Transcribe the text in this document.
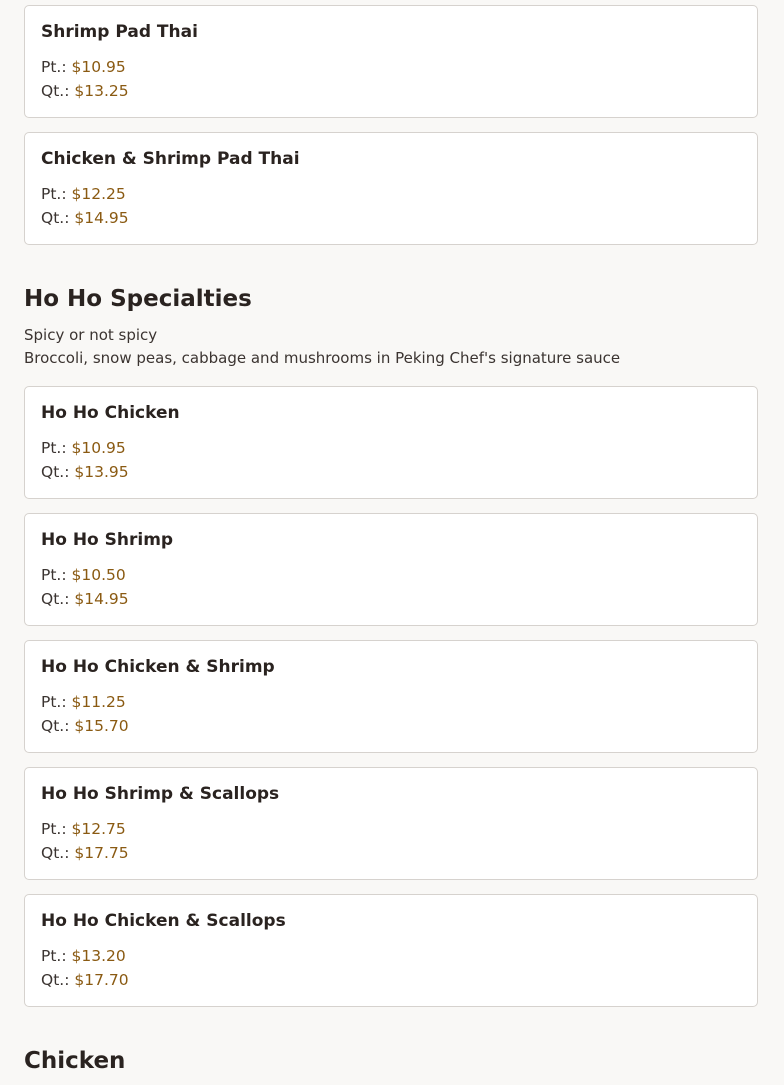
Shrimp Pad Thai
Pt.: $10.95
Qt.: $13.25
Chicken & Shrimp Pad Thai
Pt.: $12.25
Qt.: $14.95
Ho Ho Specialties
Spicy or not spicy
Broccoli, snow peas, cabbage and mushrooms in Peking Chef's signature sauce
Ho Ho Chicken
Pt.: $10.95
Qt.: $13.95
Ho Ho Shrimp
Pt.: $10.50
Qt.: $14.95
Ho Ho Chicken & Shrimp
Pt.: $11.25
Qt.: $15.70
Ho Ho Shrimp & Scallops
Pt.: $12.75
Qt.: $17.75
Ho Ho Chicken & Scallops
Pt.: $13.20
Qt.: $17.70
Chicken
